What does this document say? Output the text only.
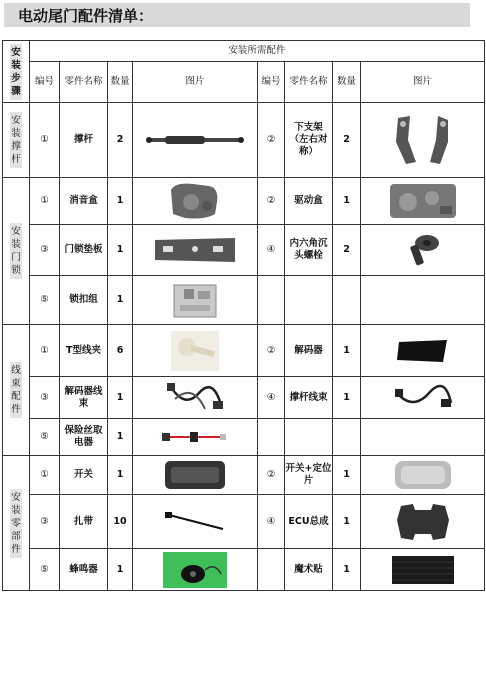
电动尾门配件清单：
安装步骤	安装所需配件							
	编号	零件名称	数量	图片	编号	零件名称	数量	图片
安装撑杆	①	撑杆	2		②	下支架（左右对称）	2	

安装门锁	①	消音盒	1		②	驱动盒	1	

	③	门锁垫板	1		④	内六角沉头螺栓	2	

	⑤	锁扣组	1	

线束配件	①	T型线夹	6		②	解码器	1	

	③	解码器线束	1		④	撑杆线束	1	

	⑤	保险丝取电器	1	

安装零部件	①	开关	1		②	开关+定位片	1	

	③	扎带	10		④	ECU总成	1	

	⑤	蜂鸣器	1			魔术贴	1	
